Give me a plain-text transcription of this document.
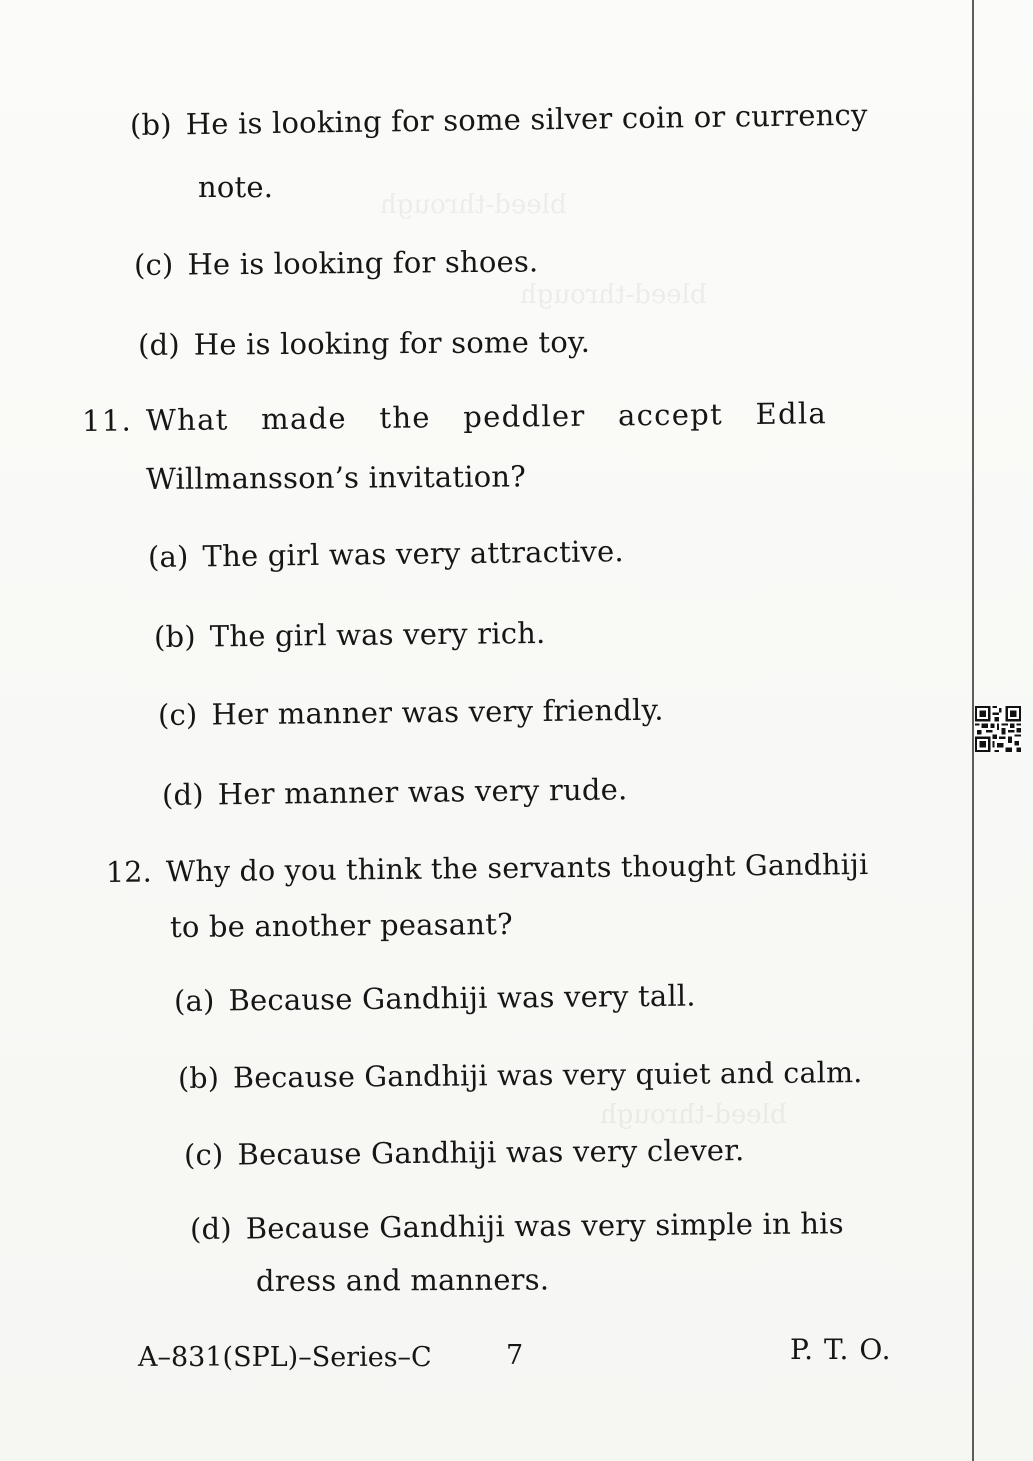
bleed-through
bleed-through
bleed-through
(b) He is looking for some silver coin or currency
note.
(c) He is looking for shoes.
(d) He is looking for some toy.
11. What made the peddler accept Edla
Willmansson’s invitation?
(a) The girl was very attractive.
(b) The girl was very rich.
(c) Her manner was very friendly.
(d) Her manner was very rude.
12. Why do you think the servants thought Gandhiji
to be another peasant?
(a) Because Gandhiji was very tall.
(b) Because Gandhiji was very quiet and calm.
(c) Because Gandhiji was very clever.
(d) Because Gandhiji was very simple in his
dress and manners.
A–831(SPL)–Series–C	7	P. T. O.
